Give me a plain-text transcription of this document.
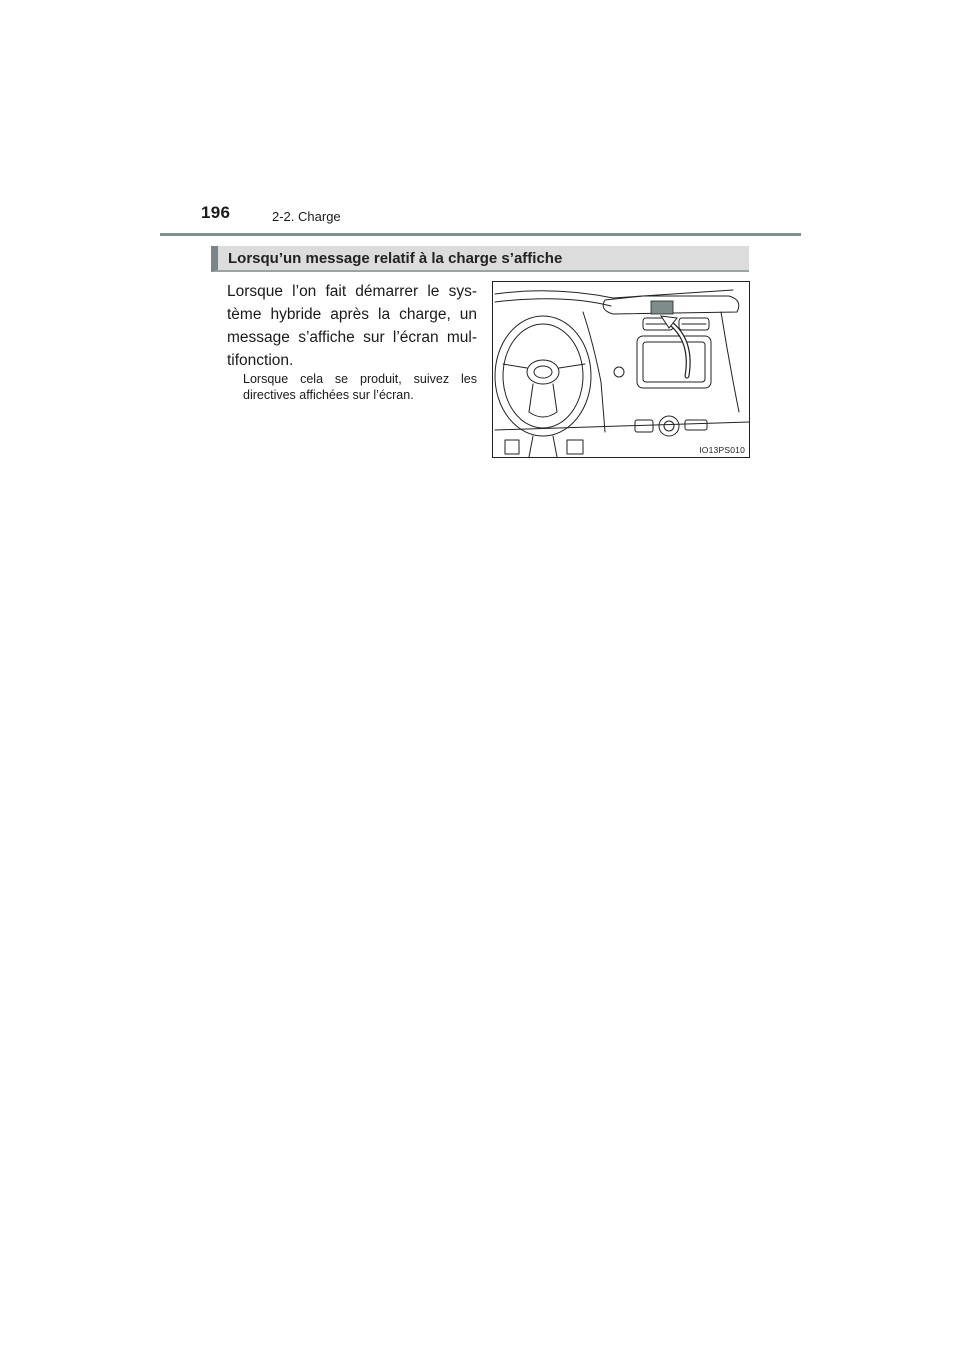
196	2-2. Charge
Lorsqu’un message relatif à la charge s’affiche
Lorsque l’on fait démarrer le sys-tème hybride après la charge, un message s’affiche sur l’écran mul-tifonction.
Lorsque cela se produit, suivez les directives affichées sur l’écran.
IO13PS010
